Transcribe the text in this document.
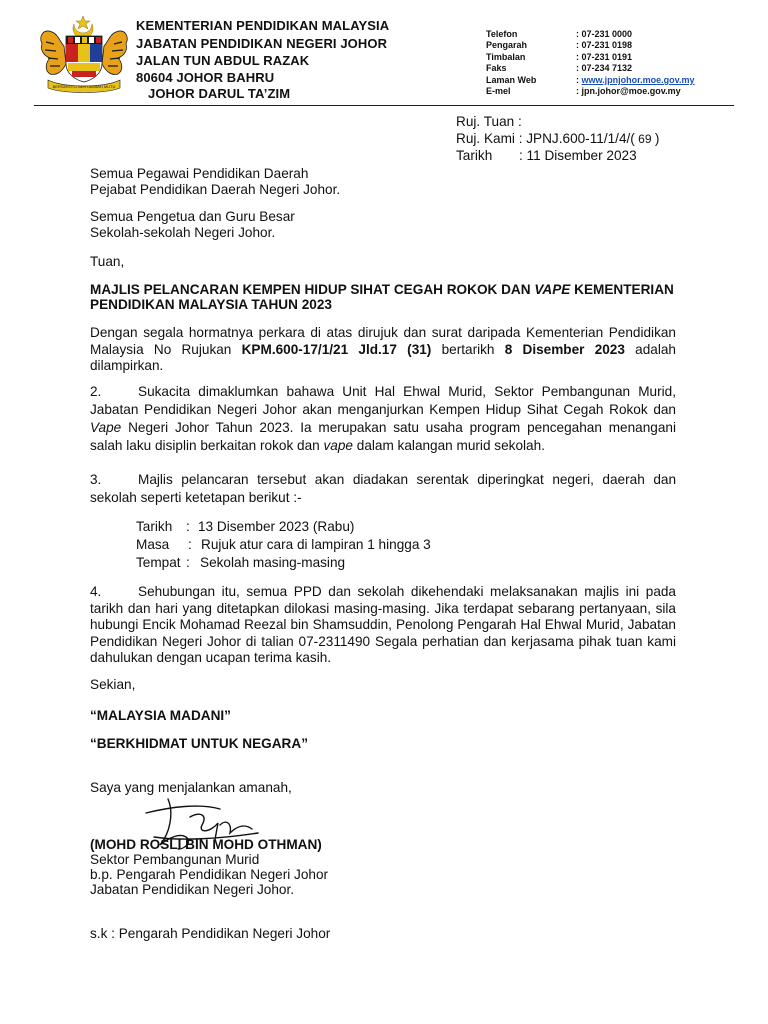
BERSEKUTU BERTAMBAH MUTU
KEMENTERIAN PENDIDIKAN MALAYSIA
JABATAN PENDIDIKAN NEGERI JOHOR
JALAN TUN ABDUL RAZAK
80604 JOHOR BAHRU
JOHOR DARUL TA’ZIM
Telefon	: 07-231 0000
Pengarah	: 07-231 0198
Timbalan	: 07-231 0191
Faks	: 07-234 7132
Laman Web	: www.jpnjohor.moe.gov.my
E-mel	: jpn.johor@moe.gov.my
Ruj. Tuan :
Ruj. Kami : JPNJ.600-11/1/4/( 69 )
Tarikh : 11 Disember 2023
Semua Pegawai Pendidikan Daerah
Pejabat Pendidikan Daerah Negeri Johor.
Semua Pengetua dan Guru Besar
Sekolah-sekolah Negeri Johor.
Tuan,
MAJLIS PELANCARAN KEMPEN HIDUP SIHAT CEGAH ROKOK DAN VAPE KEMENTERIAN
PENDIDIKAN MALAYSIA TAHUN 2023
Dengan segala hormatnya perkara di atas dirujuk dan surat daripada Kementerian Pendidikan Malaysia No Rujukan KPM.600-17/1/21 Jld.17 (31) bertarikh 8 Disember 2023 adalah dilampirkan.
2.	Sukacita dimaklumkan bahawa Unit Hal Ehwal Murid, Sektor Pembangunan Murid, Jabatan Pendidikan Negeri Johor akan menganjurkan Kempen Hidup Sihat Cegah Rokok dan Vape Negeri Johor Tahun 2023. Ia merupakan satu usaha program pencegahan menangani salah laku disiplin berkaitan rokok dan vape dalam kalangan murid sekolah.
3.	Majlis pelancaran tersebut akan diadakan serentak diperingkat negeri, daerah dan sekolah seperti ketetapan berikut :-
Tarikh : 13 Disember 2023 (Rabu)
Masa : Rujuk atur cara di lampiran 1 hingga 3
Tempat : Sekolah masing-masing
4.	Sehubungan itu, semua PPD dan sekolah dikehendaki melaksanakan majlis ini pada tarikh dan hari yang ditetapkan dilokasi masing-masing. Jika terdapat sebarang pertanyaan, sila hubungi Encik Mohamad Reezal bin Shamsuddin, Penolong Pengarah Hal Ehwal Murid, Jabatan Pendidikan Negeri Johor di talian 07-2311490 Segala perhatian dan kerjasama pihak tuan kami dahulukan dengan ucapan terima kasih.
Sekian,
“MALAYSIA MADANI”
“BERKHIDMAT UNTUK NEGARA”
Saya yang menjalankan amanah,
(MOHD ROSLI BIN MOHD OTHMAN)
Sektor Pembangunan Murid
b.p. Pengarah Pendidikan Negeri Johor
Jabatan Pendidikan Negeri Johor.
s.k : Pengarah Pendidikan Negeri Johor
